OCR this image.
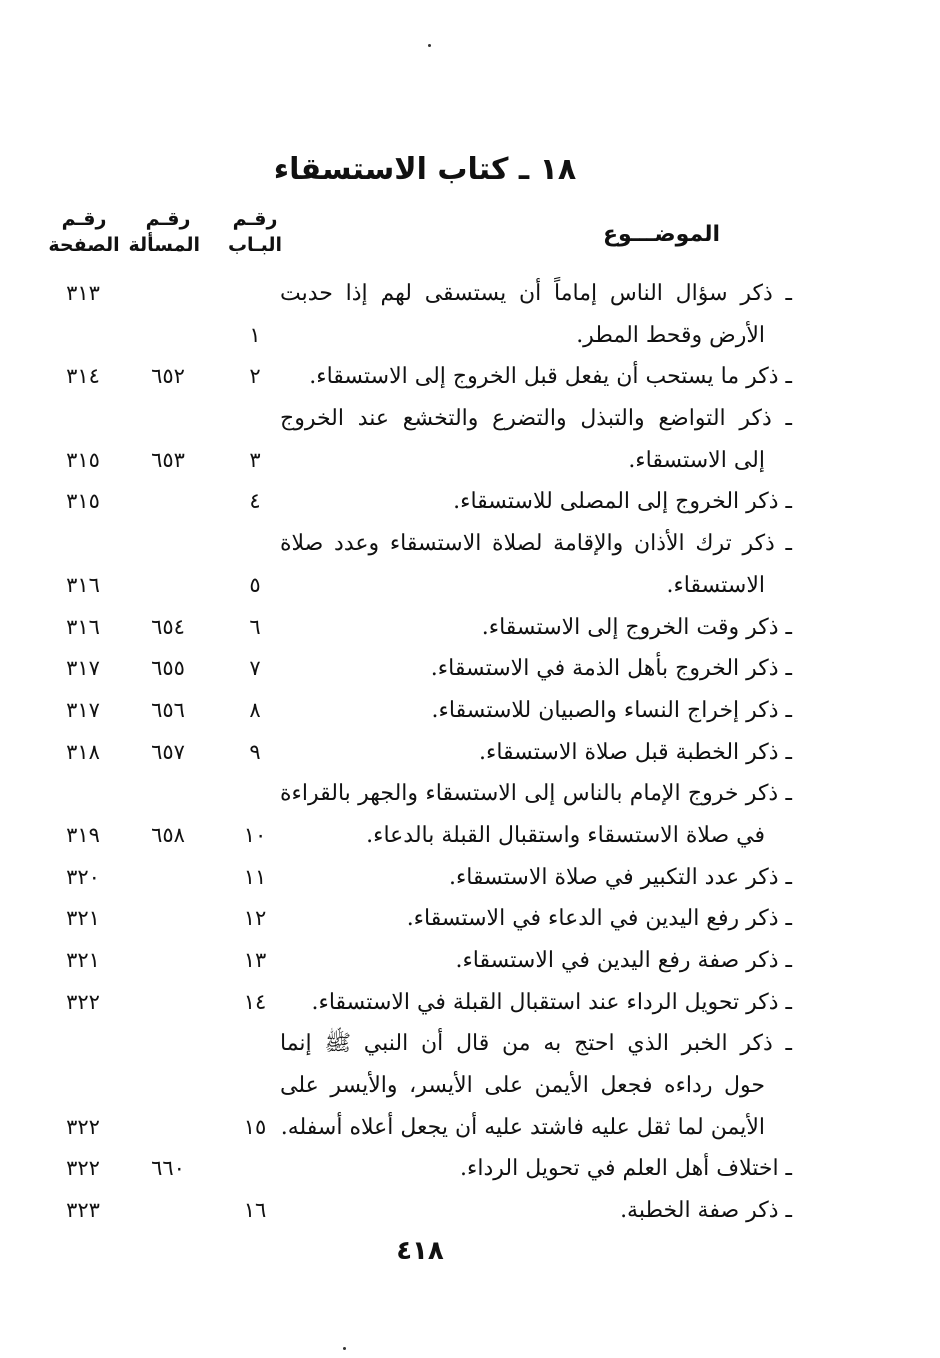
١٨ ـ كتاب الاستسقاء
الموضـــوع
رقـم
البـاب
رقـم
المسألة
رقـم
الصفحة
ـ ذكر سؤال الناس إماماً أن يستسقى لهم إذا حدبت
٣١٣
الأرض وقحط المطر.
١
ـ ذكر ما يستحب أن يفعل قبل الخروج إلى الاستسقاء.
٢
٦٥٢
٣١٤
ـ ذكر التواضع والتبذل والتضرع والتخشع عند الخروج
إلى الاستسقاء.
٣
٦٥٣
٣١٥
ـ ذكر الخروج إلى المصلى للاستسقاء.
٤
٣١٥
ـ ذكر ترك الأذان والإقامة لصلاة الاستسقاء وعدد صلاة
الاستسقاء.
٥
٣١٦
ـ ذكر وقت الخروج إلى الاستسقاء.
٦
٦٥٤
٣١٦
ـ ذكر الخروج بأهل الذمة في الاستسقاء.
٧
٦٥٥
٣١٧
ـ ذكر إخراج النساء والصبيان للاستسقاء.
٨
٦٥٦
٣١٧
ـ ذكر الخطبة قبل صلاة الاستسقاء.
٩
٦٥٧
٣١٨
ـ ذكر خروج الإمام بالناس إلى الاستسقاء والجهر بالقراءة
في صلاة الاستسقاء واستقبال القبلة بالدعاء.
١٠
٦٥٨
٣١٩
ـ ذكر عدد التكبير في صلاة الاستسقاء.
١١
٣٢٠
ـ ذكر رفع اليدين في الدعاء في الاستسقاء.
١٢
٣٢١
ـ ذكر صفة رفع اليدين في الاستسقاء.
١٣
٣٢١
ـ ذكر تحويل الرداء عند استقبال القبلة في الاستسقاء.
١٤
٣٢٢
ـ ذكر الخبر الذي احتج به من قال أن النبي ﷺ إنما
حول رداءه فجعل الأيمن على الأيسر، والأيسر على
الأيمن لما ثقل عليه فاشتد عليه أن يجعل أعلاه أسفله.
١٥
٣٢٢
ـ اختلاف أهل العلم في تحويل الرداء.
٦٦٠
٣٢٢
ـ ذكر صفة الخطبة.
١٦
٣٢٣
٤١٨
